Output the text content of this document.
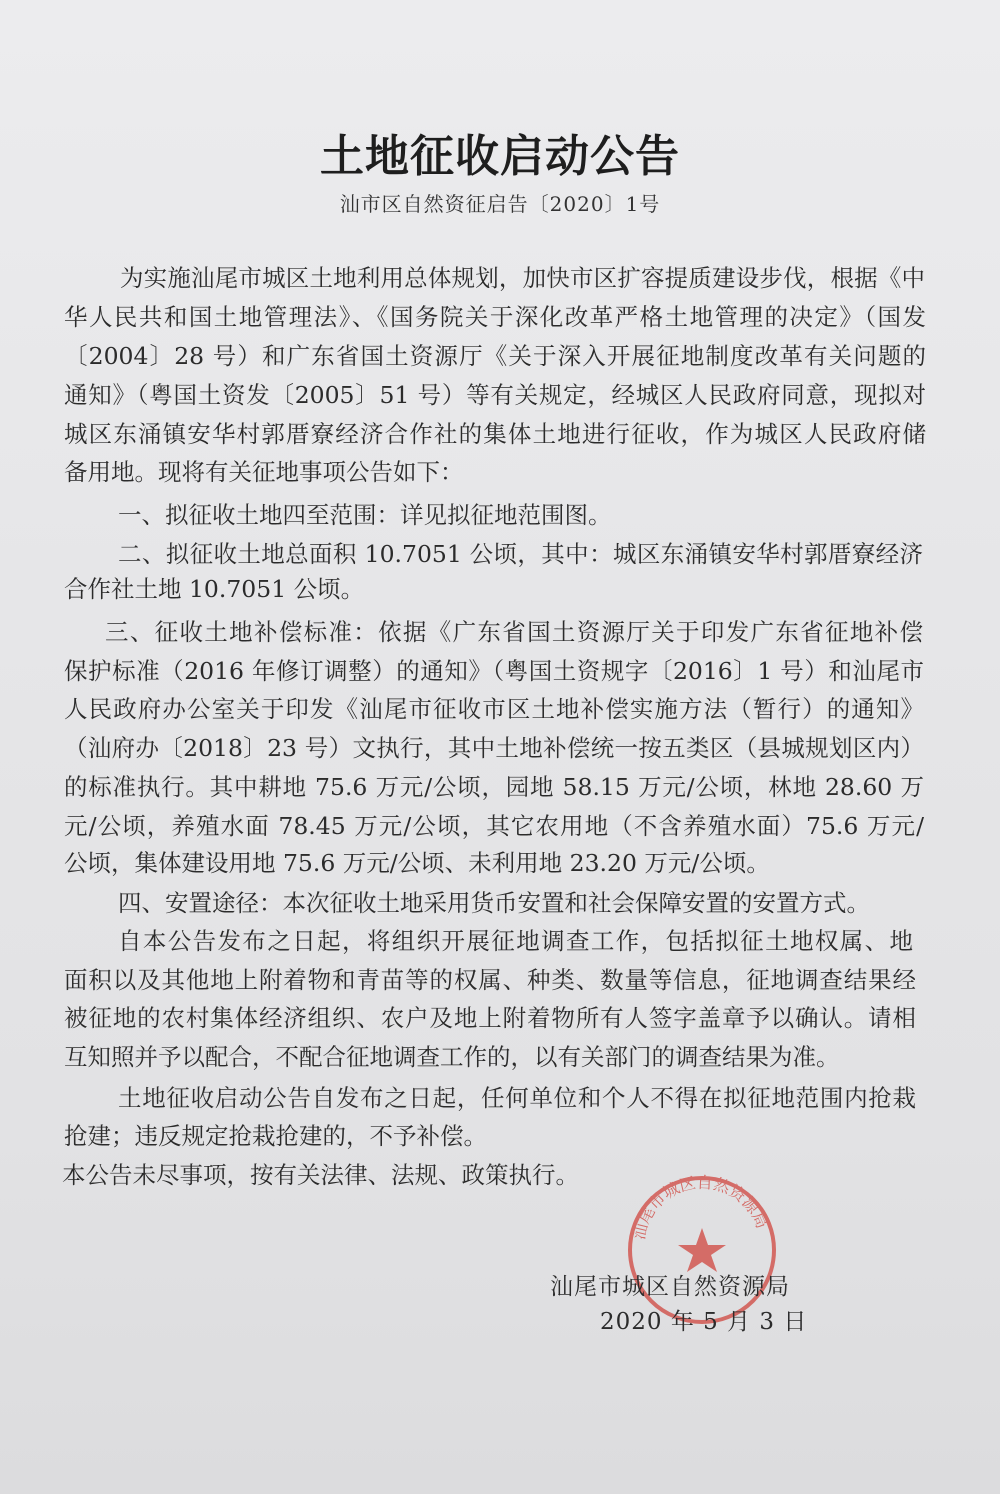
土地征收启动公告
汕市区自然资征启告〔2020〕1号
为实施汕尾市城区土地利用总体规划，加快市区扩容提质建设步伐，根据《中
华人民共和国土地管理法》、《国务院关于深化改革严格土地管理的决定》（国发
〔2004〕28 号）和广东省国土资源厅《关于深入开展征地制度改革有关问题的
通知》（粤国土资发〔2005〕51 号）等有关规定，经城区人民政府同意，现拟对
城区东涌镇安华村郭厝寮经济合作社的集体土地进行征收，作为城区人民政府储
备用地。现将有关征地事项公告如下：
一、拟征收土地四至范围：详见拟征地范围图。
二、拟征收土地总面积 10.7051 公顷，其中：城区东涌镇安华村郭厝寮经济
合作社土地 10.7051 公顷。
三、征收土地补偿标准：依据《广东省国土资源厅关于印发广东省征地补偿
保护标准（2016 年修订调整）的通知》（粤国土资规字〔2016〕1 号）和汕尾市
人民政府办公室关于印发《汕尾市征收市区土地补偿实施方法（暂行）的通知》
（汕府办〔2018〕23 号）文执行，其中土地补偿统一按五类区（县城规划区内）
的标准执行。其中耕地 75.6 万元/公顷，园地 58.15 万元/公顷，林地 28.60 万
元/公顷，养殖水面 78.45 万元/公顷，其它农用地（不含养殖水面）75.6 万元/
公顷，集体建设用地 75.6 万元/公顷、未利用地 23.20 万元/公顷。
四、安置途径：本次征收土地采用货币安置和社会保障安置的安置方式。
自本公告发布之日起，将组织开展征地调查工作，包括拟征土地权属、地
面积以及其他地上附着物和青苗等的权属、种类、数量等信息，征地调查结果经
被征地的农村集体经济组织、农户及地上附着物所有人签字盖章予以确认。请相
互知照并予以配合，不配合征地调查工作的，以有关部门的调查结果为准。
土地征收启动公告自发布之日起，任何单位和个人不得在拟征地范围内抢栽
抢建；违反规定抢栽抢建的，不予补偿。
本公告未尽事项，按有关法律、法规、政策执行。
汕尾市城区自然资源局
汕尾市城区自然资源局
2020 年 5 月 3 日
